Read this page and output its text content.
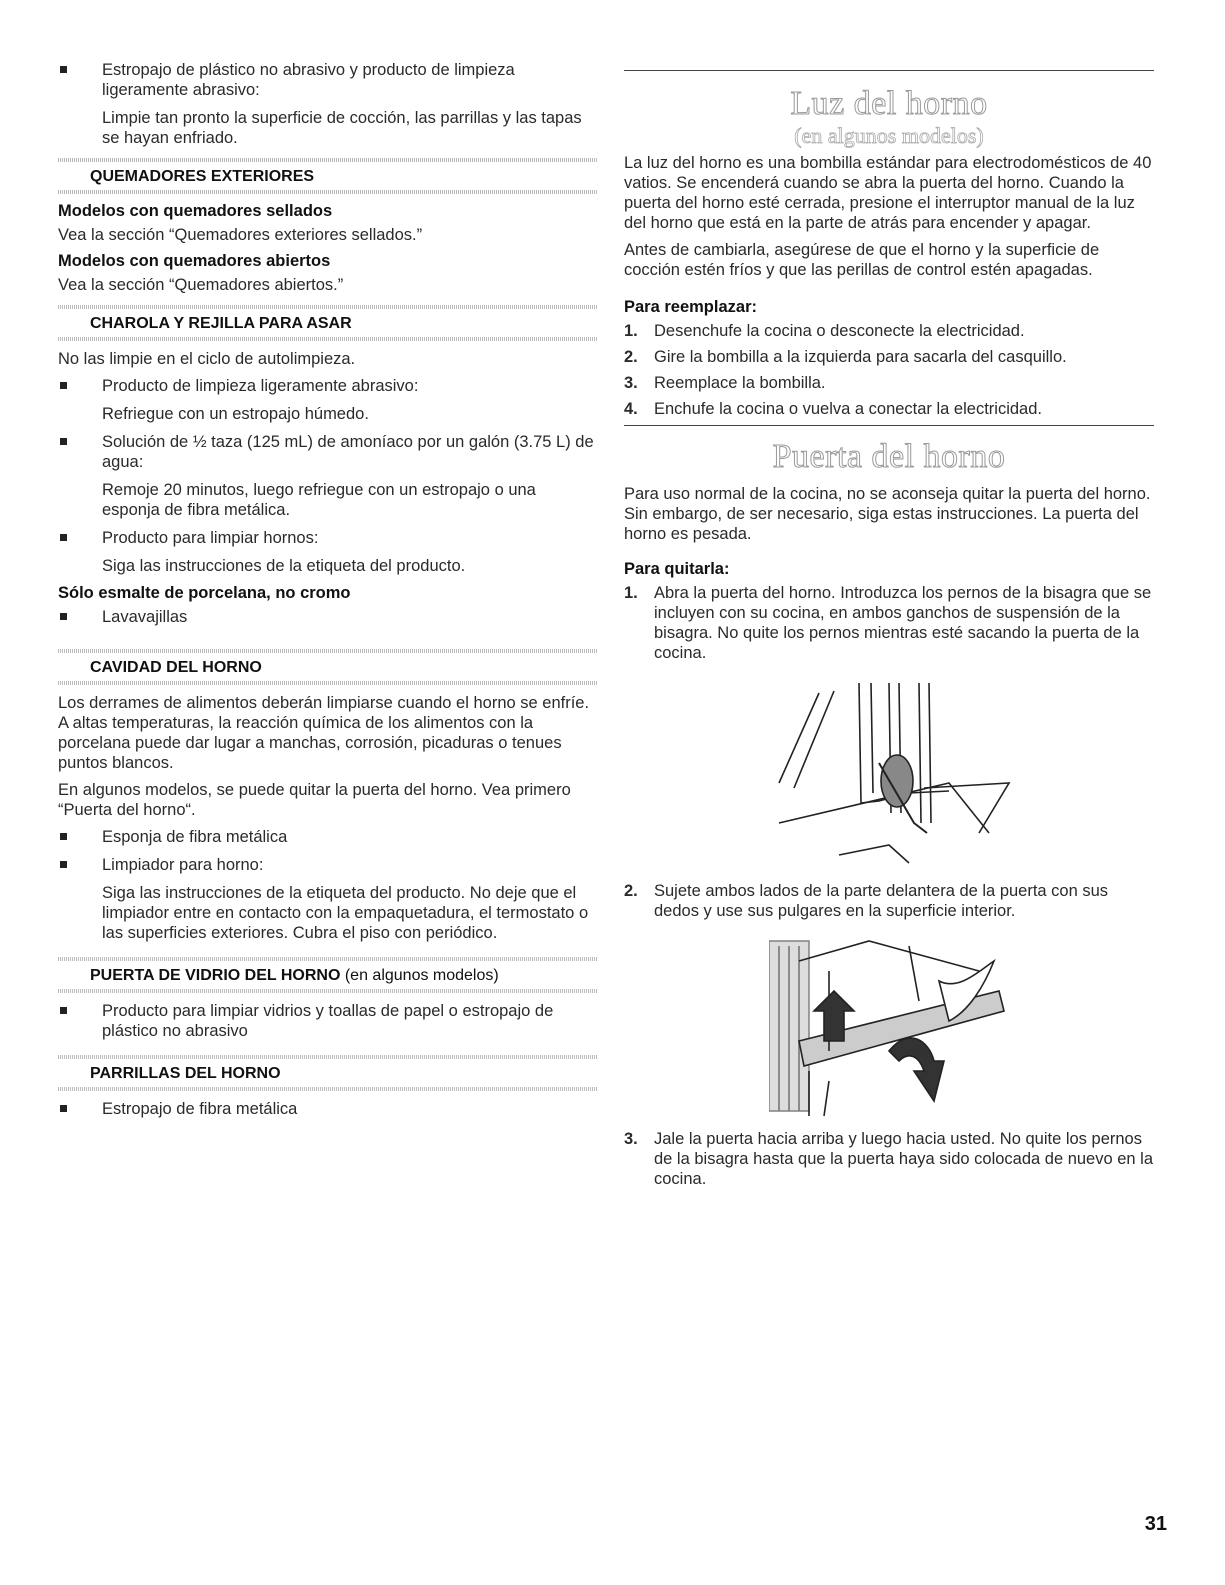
Estropajo de plástico no abrasivo y producto de limpieza ligeramente abrasivo:
Limpie tan pronto la superficie de cocción, las parrillas y las tapas se hayan enfriado.
QUEMADORES EXTERIORES
Modelos con quemadores sellados

Vea la sección “Quemadores exteriores sellados.”

Modelos con quemadores abiertos

Vea la sección “Quemadores abiertos.”

CHAROLA Y REJILLA PARA ASAR

No las limpie en el ciclo de autolimpieza.

Producto de limpieza ligeramente abrasivo:
Refriegue con un estropajo húmedo.
Solución de ½ taza (125 mL) de amoníaco por un galón (3.75 L) de agua:
Remoje 20 minutos, luego refriegue con un estropajo o una esponja de fibra metálica.
Producto para limpiar hornos:
Siga las instrucciones de la etiqueta del producto.
Sólo esmalte de porcelana, no cromo
Lavavajillas
CAVIDAD DEL HORNO

Los derrames de alimentos deberán limpiarse cuando el horno se enfríe. A altas temperaturas, la reacción química de los alimentos con la porcelana puede dar lugar a manchas, corrosión, picaduras o tenues puntos blancos.

En algunos modelos, se puede quitar la puerta del horno. Vea primero “Puerta del horno“.

Esponja de fibra metálica
Limpiador para horno:
Siga las instrucciones de la etiqueta del producto. No deje que el limpiador entre en contacto con la empaquetadura, el termostato o las superficies exteriores. Cubra el piso con periódico.
PUERTA DE VIDRIO DEL HORNO (en algunos modelos)
Producto para limpiar vidrios y toallas de papel o estropajo de plástico no abrasivo
PARRILLAS DEL HORNO
Estropajo de fibra metálica
Luz del horno
(en algunos modelos)

La luz del horno es una bombilla estándar para electrodomésticos de 40 vatios. Se encenderá cuando se abra la puerta del horno. Cuando la puerta del horno esté cerrada, presione el interruptor manual de la luz del horno que está en la parte de atrás para encender y apagar.

Antes de cambiarla, asegúrese de que el horno y la superficie de cocción estén fríos y que las perillas de control estén apagadas.

Para reemplazar:
1. Desenchufe la cocina o desconecte la electricidad.
2. Gire la bombilla a la izquierda para sacarla del casquillo.
3. Reemplace la bombilla.
4. Enchufe la cocina o vuelva a conectar la electricidad.
Puerta del horno

Para uso normal de la cocina, no se aconseja quitar la puerta del horno. Sin embargo, de ser necesario, siga estas instrucciones. La puerta del horno es pesada.

Para quitarla:
1. Abra la puerta del horno. Introduzca los pernos de la bisagra que se incluyen con su cocina, en ambos ganchos de suspensión de la bisagra. No quite los pernos mientras esté sacando la puerta de la cocina.
2. Sujete ambos lados de la parte delantera de la puerta con sus dedos y use sus pulgares en la superficie interior.
3. Jale la puerta hacia arriba y luego hacia usted. No quite los pernos de la bisagra hasta que la puerta haya sido colocada de nuevo en la cocina.
31
